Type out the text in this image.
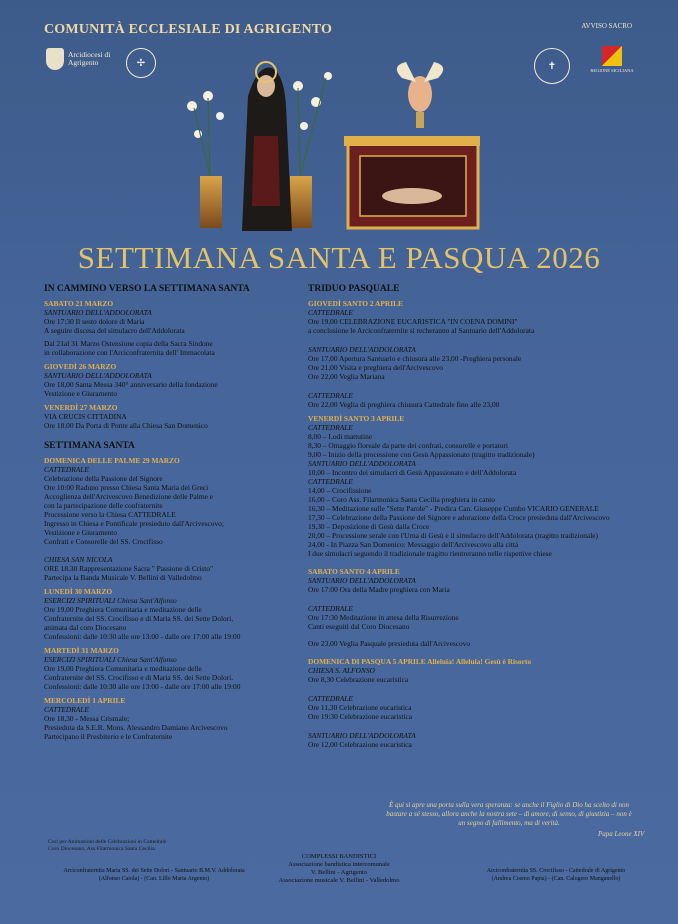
COMUNITÀ ECCLESIALE DI AGRIGENTO	AVVISO SACRO
Arcidiocesi di Agrigento	✢	✝	REGIONE SICILIANA
SETTIMANA SANTA E PASQUA 2026
IN CAMMINO VERSO LA SETTIMANA SANTA
SABATO 21 MARZO
SANTUARIO DELL'ADDOLORATA
Ore 17:30 Il sesto dolore di Maria
A seguire discesa del simulacro dell'Addolorata
Dal 21al 31 Marzo Ostensione copia della Sacra Sindone
in collaborazione con l'Arciconfraternita dell' Immacolata
GIOVEDÌ 26 MARZO
SANTUARIO DELL'ADDOLORATA
Ore 18,00 Santa Messa 340° anniversario della fondazione
Vestizione e Giuramento
VENERDÌ 27 MARZO
VIA CRUCIS CITTADINA
Ore 18.00 Da Porta di Ponte alla Chiesa San Domenico
SETTIMANA SANTA
DOMENICA DELLE PALME 29 MARZO
CATTEDRALE
Celebrazione della Passione del Signore
Ore 10:00 Raduno presso Chiesa Santa Maria dei Greci
Accoglienza dell'Arcivescovo Benedizione delle Palme e
con la partecipazione delle confraternite
Processione verso la Chiesa CATTEDRALE
Ingresso in Chiesa e Pontificale presieduto dall'Arcivescovo;
Vestizione e Giuramento
Confrati e Consorelle del SS. Crocifisso
CHIESA SAN NICOLA
ORE 18.30 Rappresentazione Sacra " Passione di Cristo"
Partecipa la Banda Musicale V. Bellini di Valledolmo
LUNEDÌ 30 MARZO
ESERCIZI SPIRITUALI Chiesa Sant'Alfonso
Ore 19,00 Preghiera Comunitaria e meditazione delle
Confraternite del SS. Crocifisso e di Maria SS. dei Sette Dolori,
animata dal coro Diocesano
Confessioni: dalle 10:30 alle ore 13:00 - dalle ore 17:00 alle 19:00
MARTEDÌ 31 MARZO
ESERCIZI SPIRITUALI Chiesa Sant'Alfonso
Ore 19,00 Preghiera Comunitaria e meditazione delle
Confraternite del SS. Crocifisso e di Maria SS. dei Sette Dolori.
Confessioni: dalle 10:30 alle ore 13:00 - dalle ore 17:00 alle 19:00
MERCOLEDÌ 1 APRILE
CATTEDRALE
Ore 18,30 - Messa Crismale;
Presieduta da S.E.R. Mons. Alessandro Damiano Arcivescovo
Partecipano il Presbiterio e le Confraternite
TRIDUO PASQUALE
GIOVEDÌ SANTO 2 APRILE
CATTEDRALE
Ore 19,00 CELEBRAZIONE EUCARISTICA "IN COENA DOMINI"
a conclusione le Arciconfraternite si recheranno al Santuario dell'Addolorata
SANTUARIO DELL'ADDOLORATA
Ore 17,00 Apertura Santuario e chiusura alle 23,00 -Preghiera personale
Ore 21,00 Visita e preghiera dell'Arcivescovo
Ore 22,00 Veglia Mariana
CATTEDRALE
Ore 22,00 Veglia di preghiera chiusura Cattedrale fino alle 23,00
VENERDÌ SANTO 3 APRILE
CATTEDRALE
8,00 – Lodi mattutine
8,30 – Omaggio floreale da parte dei confrati, consorelle e portatori
9,00 – Inizio della processione con Gesù Appassionato (tragitto tradizionale)
SANTUARIO DELL'ADDOLORATA
10,00 – Incontro dei simulacri di Gesù Appassionato e dell'Addolorata
CATTEDRALE
14,00 – Crocifissione
16,00 – Coro Ass. Filarmonica Santa Cecilia preghiera in canto
16,30 – Meditazione sulle "Sette Parole" - Predica Can. Giuseppe Cumbo VICARIO GENERALE
17,30 – Celebrazione della Passione del Signore e adorazione della Croce presieduta dall'Arcivescovo
19,30 – Deposizione di Gesù dalla Croce
20,00 – Processione serale con l'Urna di Gesù e il simulacro dell'Addolorata (tragitto tradizionale)
24,00 - In Piazza San Domenico: Messaggio dell'Arcivescovo alla città
I due simulacri seguendo il tradizionale tragitto rientreranno nelle rispettive chiese
SABATO SANTO 4 APRILE
SANTUARIO DELL'ADDOLORATA
Ore 17:00 Ora della Madre preghiera con Maria
CATTEDRALE
Ore 17:30 Meditazione in attesa della Risurrezione
Canti eseguiti dal Coro Diocesano
Ore 23,00 Veglia Pasquale presieduta dall'Arcivescovo
DOMENICA DI PASQUA 5 APRILE Alleluia! Alleluia! Gesù è Risorto
CHIESA S. ALFONSO
Ore 8,30 Celebrazione eucaristica
CATTEDRALE
Ore 11,30 Celebrazione eucaristica
Ore 19:30 Celebrazione eucaristica
SANTUARIO DELL'ADDOLORATA
Ore 12,00 Celebrazione eucaristica
È qui si apre una porta sulla vera speranza: se anche il Figlio di Dio ha scelto di non bastare a sé stesso, allora anche la nostra sete – di amore, di senso, di giustizia – non è un segno di fallimento, ma di verità.
Papa Leone XIV
Cori per Animazioni delle Celebrazioni in Cattedrale
Coro Diocesano, Ass.Filarmonica Santa Cecilia.
COMPLESSI BANDISTICI
Associazione bandistica intercomunale
V. Bellini - Agrigento
Associazione musicale V. Bellini - Valledolmo
Arciconfraternita Maria SS. dei Sette Dolori - Santuario B.M.V. Addolorata
(Alfonso Caiola) - (Can. Lillo Maria Argento)
Arciconfraternita SS. Crocifisso - Cattedrale di Agrigento
(Andrea Cosmo Papia) - (Can. Calogero Manganello)
